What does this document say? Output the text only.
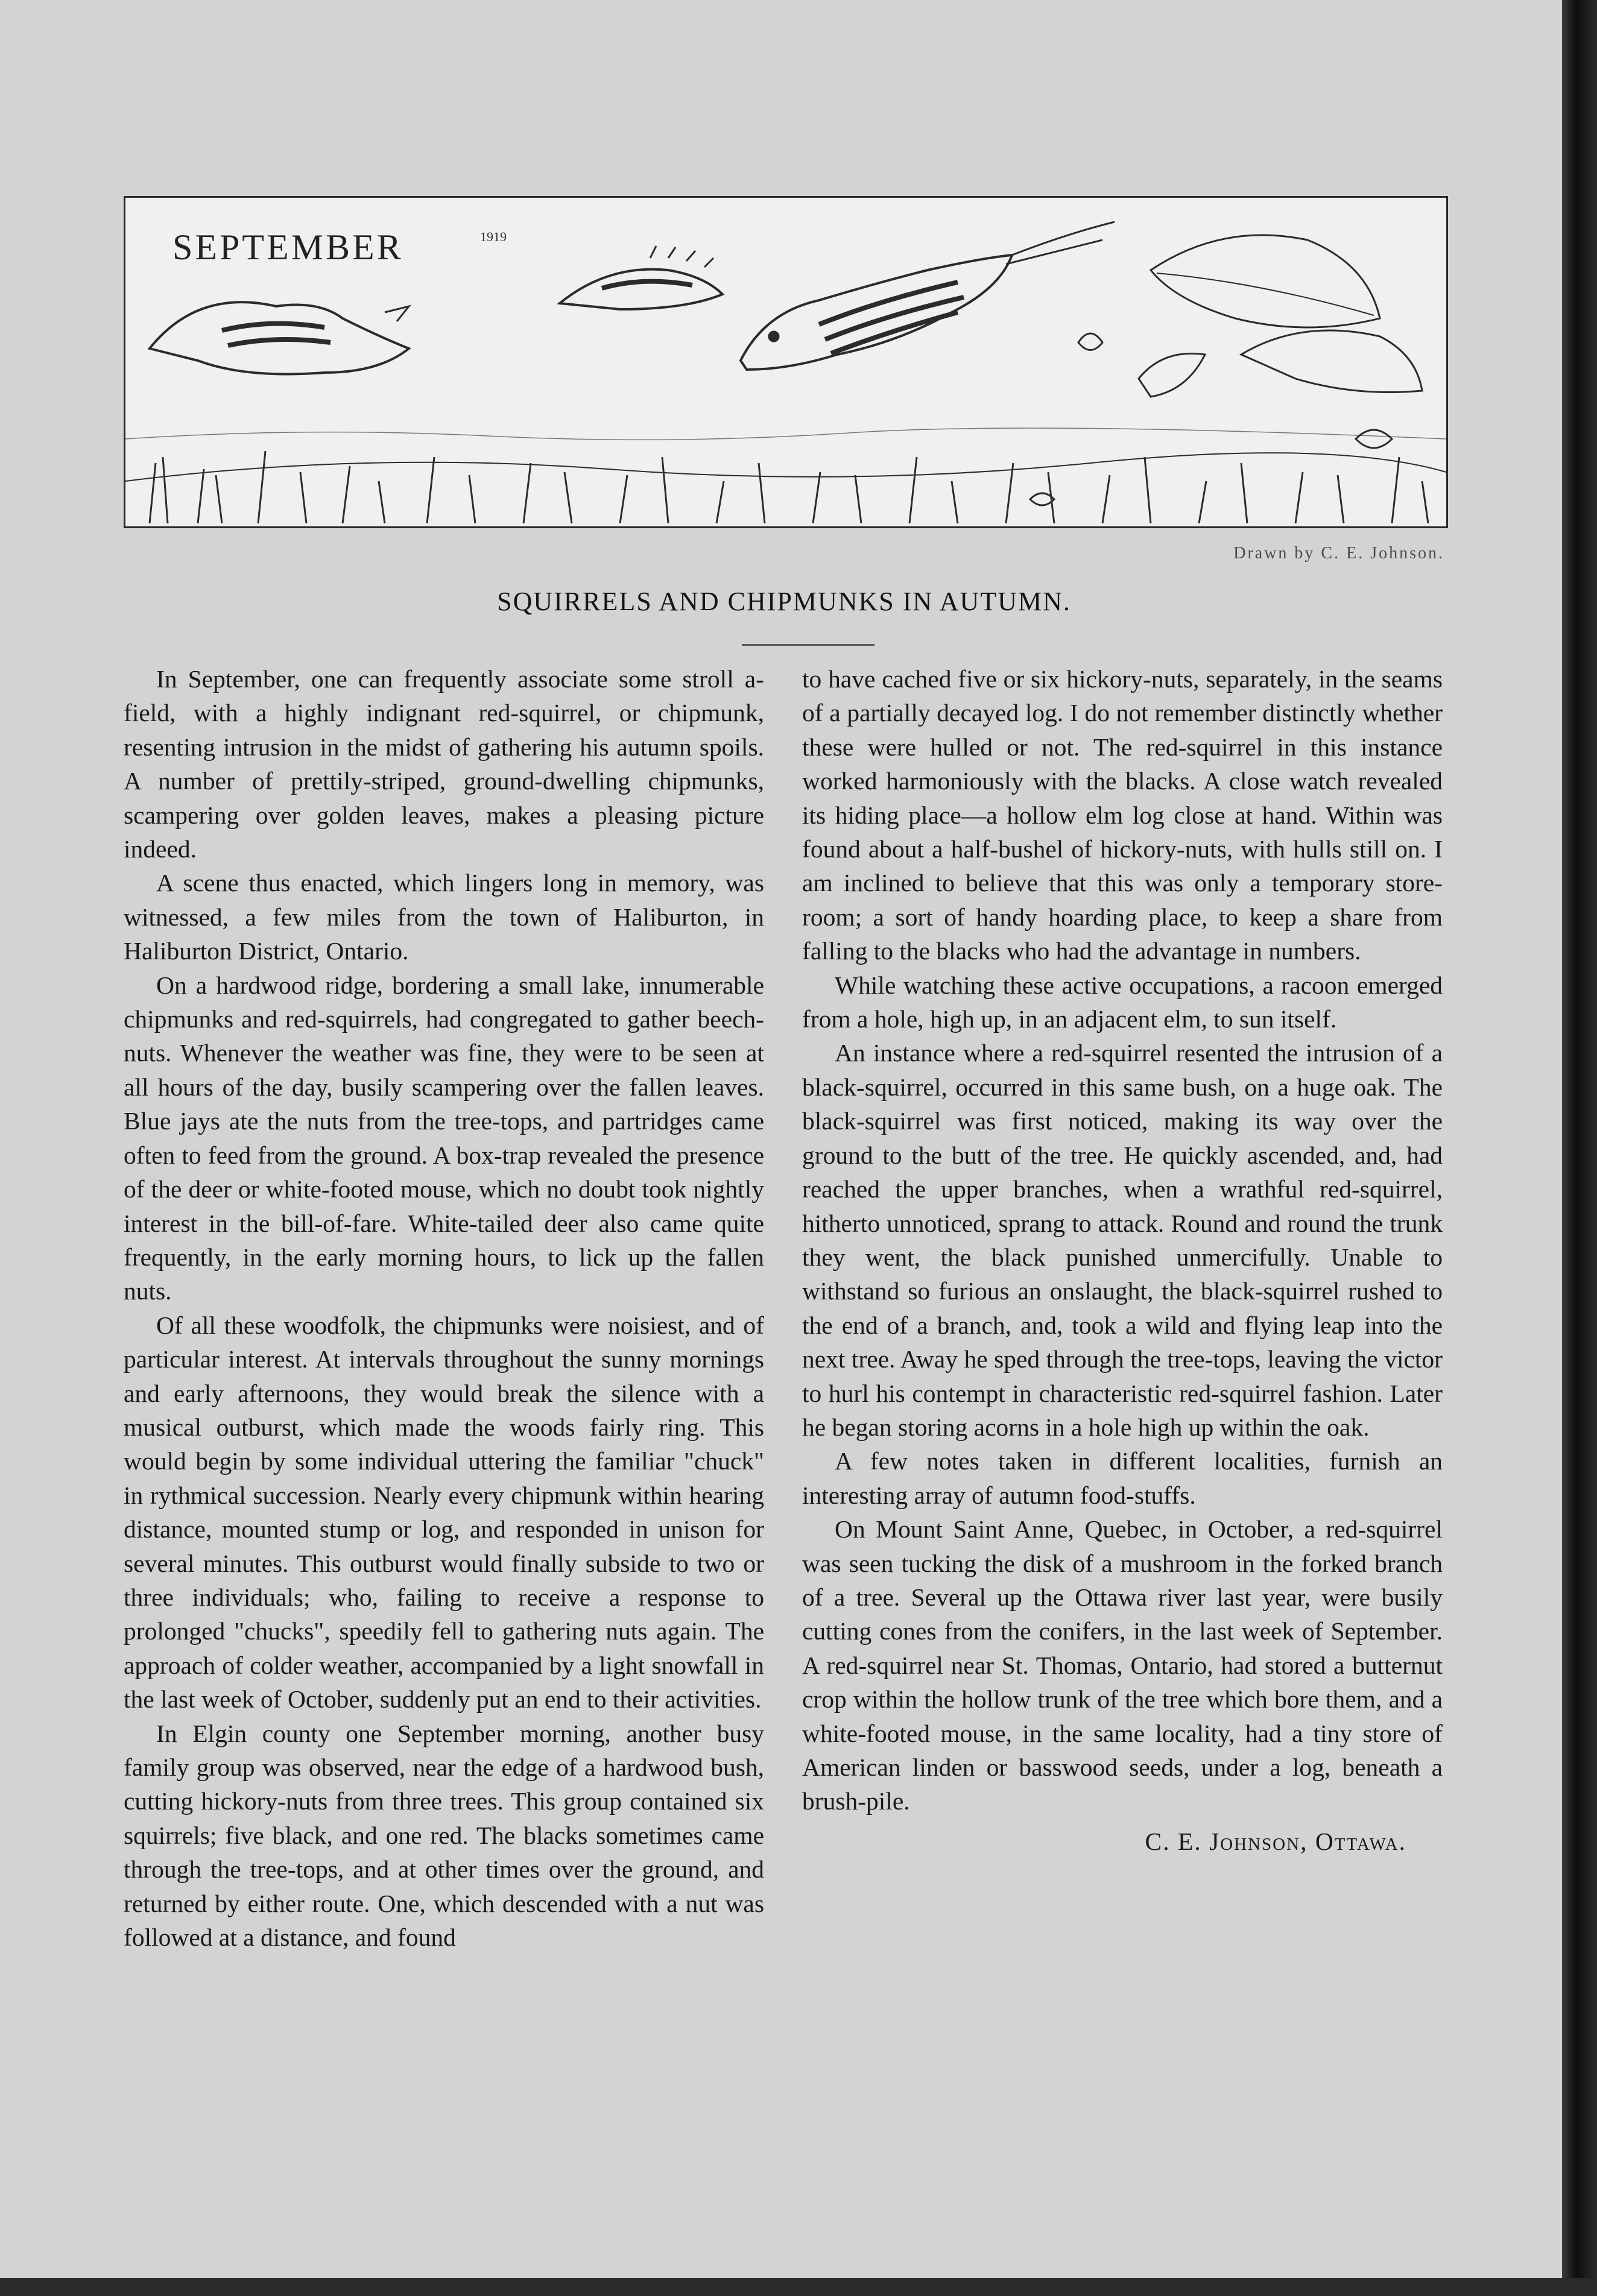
SEPTEMBER	1919
Drawn by C. E. Johnson.
SQUIRRELS AND CHIPMUNKS IN AUTUMN.

In September, one can frequently associate some stroll a-field, with a highly indignant red-squirrel, or chipmunk, resenting intrusion in the midst of gathering his autumn spoils. A number of prettily-striped, ground-dwelling chipmunks, scampering over golden leaves, makes a pleasing picture indeed.

A scene thus enacted, which lingers long in memory, was witnessed, a few miles from the town of Haliburton, in Haliburton District, Ontario.

On a hardwood ridge, bordering a small lake, innumerable chipmunks and red-squirrels, had congregated to gather beech-nuts. Whenever the weather was fine, they were to be seen at all hours of the day, busily scampering over the fallen leaves. Blue jays ate the nuts from the tree-tops, and partridges came often to feed from the ground. A box-trap revealed the presence of the deer or white-footed mouse, which no doubt took nightly interest in the bill-of-fare. White-tailed deer also came quite frequently, in the early morning hours, to lick up the fallen nuts.

Of all these woodfolk, the chipmunks were noisiest, and of particular interest. At intervals throughout the sunny mornings and early afternoons, they would break the silence with a musical outburst, which made the woods fairly ring. This would begin by some individual uttering the familiar "chuck" in rythmical succession. Nearly every chipmunk within hearing distance, mounted stump or log, and responded in unison for several minutes. This outburst would finally subside to two or three individuals; who, failing to receive a response to prolonged "chucks", speedily fell to gathering nuts again. The approach of colder weather, accompanied by a light snowfall in the last week of October, suddenly put an end to their activities.

In Elgin county one September morning, another busy family group was observed, near the edge of a hardwood bush, cutting hickory-nuts from three trees. This group contained six squirrels; five black, and one red. The blacks sometimes came through the tree-tops, and at other times over the ground, and returned by either route. One, which descended with a nut was followed at a distance, and found

to have cached five or six hickory-nuts, separately, in the seams of a partially decayed log. I do not remember distinctly whether these were hulled or not. The red-squirrel in this instance worked harmoniously with the blacks. A close watch revealed its hiding place—a hollow elm log close at hand. Within was found about a half-bushel of hickory-nuts, with hulls still on. I am inclined to believe that this was only a temporary store-room; a sort of handy hoarding place, to keep a share from falling to the blacks who had the advantage in numbers.

While watching these active occupations, a racoon emerged from a hole, high up, in an adjacent elm, to sun itself.

An instance where a red-squirrel resented the intrusion of a black-squirrel, occurred in this same bush, on a huge oak. The black-squirrel was first noticed, making its way over the ground to the butt of the tree. He quickly ascended, and, had reached the upper branches, when a wrathful red-squirrel, hitherto unnoticed, sprang to attack. Round and round the trunk they went, the black punished unmercifully. Unable to withstand so furious an onslaught, the black-squirrel rushed to the end of a branch, and, took a wild and flying leap into the next tree. Away he sped through the tree-tops, leaving the victor to hurl his contempt in characteristic red-squirrel fashion. Later he began storing acorns in a hole high up within the oak.

A few notes taken in different localities, furnish an interesting array of autumn food-stuffs.

On Mount Saint Anne, Quebec, in October, a red-squirrel was seen tucking the disk of a mushroom in the forked branch of a tree. Several up the Ottawa river last year, were busily cutting cones from the conifers, in the last week of September. A red-squirrel near St. Thomas, Ontario, had stored a butternut crop within the hollow trunk of the tree which bore them, and a white-footed mouse, in the same locality, had a tiny store of American linden or basswood seeds, under a log, beneath a brush-pile.

C. E. Johnson, Ottawa.
